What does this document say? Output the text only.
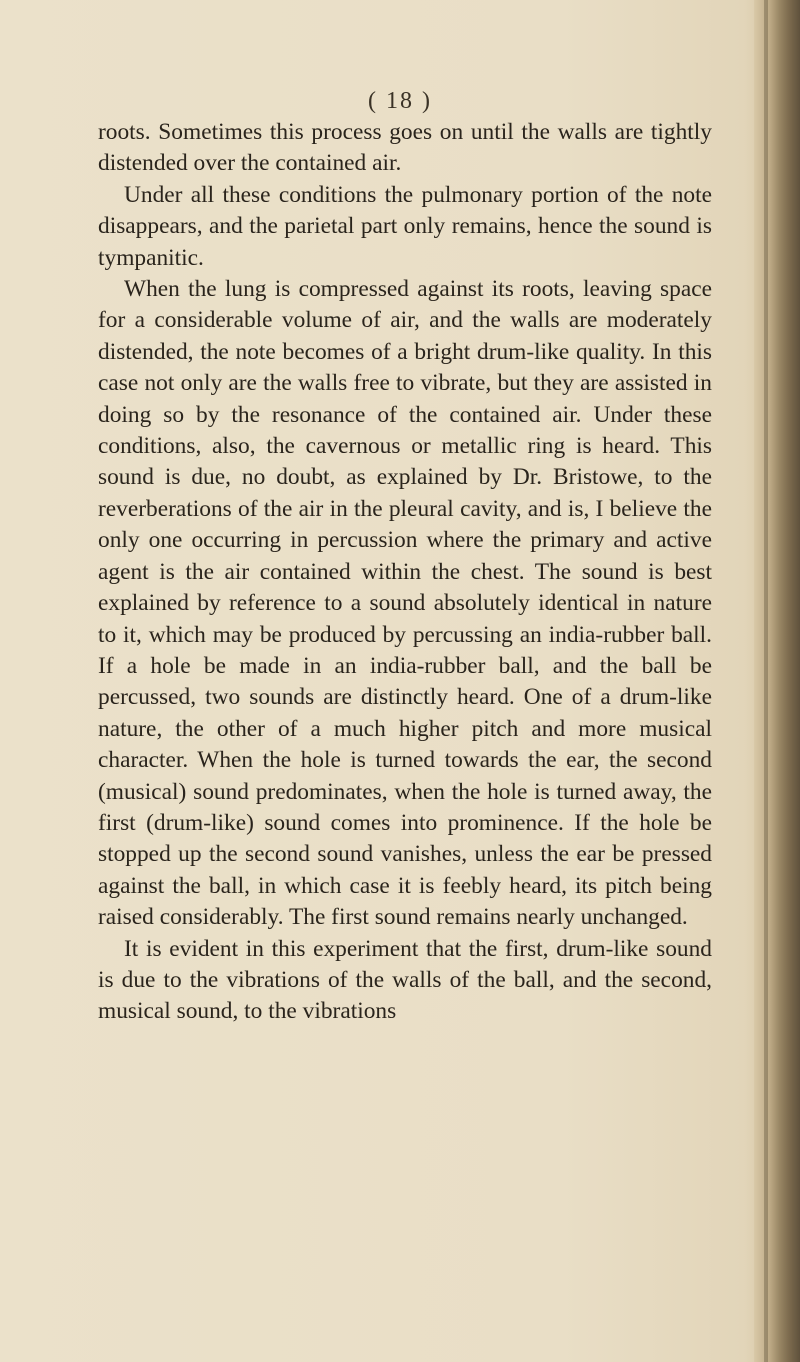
( 18 )

roots. Sometimes this process goes on until the walls are tightly distended over the contained air.

Under all these conditions the pulmonary portion of the note disappears, and the parietal part only remains, hence the sound is tympanitic.

When the lung is compressed against its roots, leaving space for a considerable volume of air, and the walls are moderately distended, the note becomes of a bright drum-like quality. In this case not only are the walls free to vibrate, but they are assisted in doing so by the resonance of the contained air. Under these conditions, also, the cavernous or metallic ring is heard. This sound is due, no doubt, as explained by Dr. Bristowe, to the reverberations of the air in the pleural cavity, and is, I believe the only one occurring in percussion where the primary and active agent is the air contained within the chest. The sound is best explained by reference to a sound absolutely identical in nature to it, which may be produced by percussing an india-rubber ball. If a hole be made in an india-rubber ball, and the ball be percussed, two sounds are distinctly heard. One of a drum-like nature, the other of a much higher pitch and more musical character. When the hole is turned towards the ear, the second (musical) sound predominates, when the hole is turned away, the first (drum-like) sound comes into prominence. If the hole be stopped up the second sound vanishes, unless the ear be pressed against the ball, in which case it is feebly heard, its pitch being raised considerably. The first sound remains nearly unchanged.

It is evident in this experiment that the first, drum-like sound is due to the vibrations of the walls of the ball, and the second, musical sound, to the vibrations
